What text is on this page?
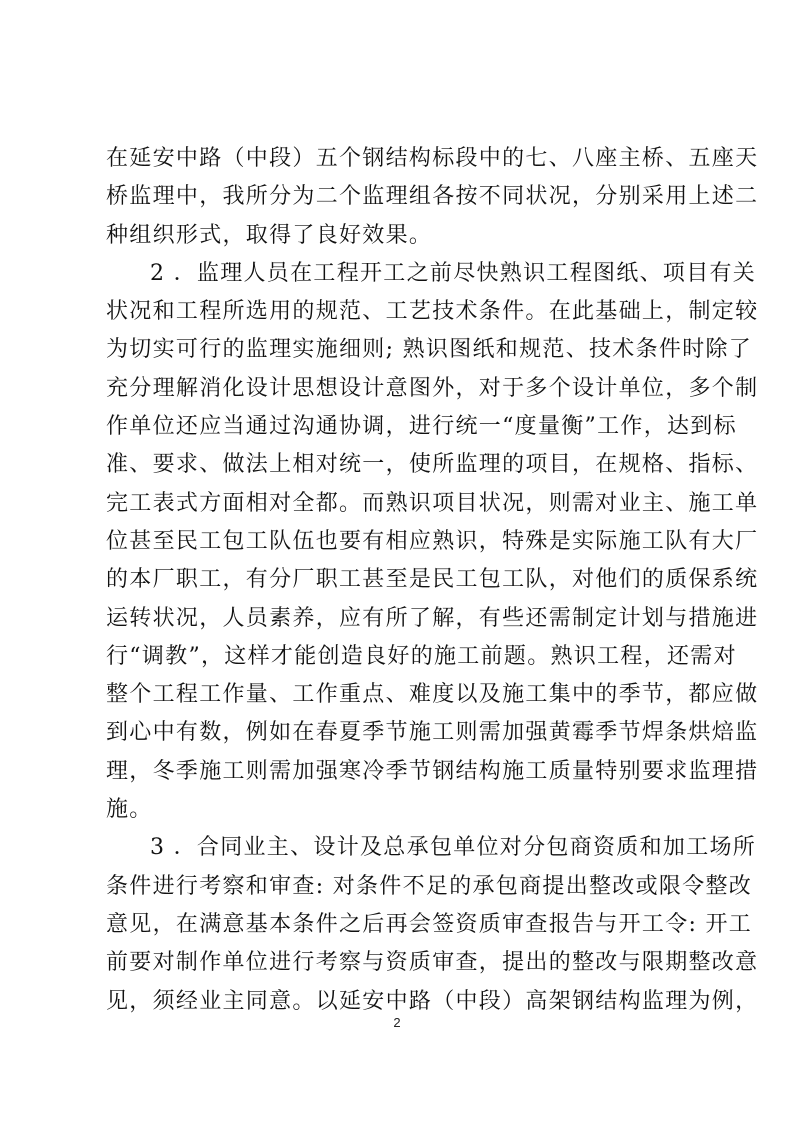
在延安中路（中段）五个钢结构标段中的七、八座主桥、五座天
桥监理中，我所分为二个监理组各按不同状况，分别采用上述二
种组织形式，取得了良好效果。
2 ．监理人员在工程开工之前尽快熟识工程图纸、项目有关
状况和工程所选用的规范、工艺技术条件。在此基础上，制定较
为切实可行的监理实施细则; 熟识图纸和规范、技术条件时除了
充分理解消化设计思想设计意图外，对于多个设计单位，多个制
作单位还应当通过沟通协调，进行统一“度量衡”工作，达到标
准、要求、做法上相对统一，使所监理的项目，在规格、指标、
完工表式方面相对全都。而熟识项目状况，则需对业主、施工单
位甚至民工包工队伍也要有相应熟识，特殊是实际施工队有大厂
的本厂职工，有分厂职工甚至是民工包工队，对他们的质保系统
运转状况，人员素养，应有所了解，有些还需制定计划与措施进
行“调教”，这样才能创造良好的施工前题。熟识工程，还需对
整个工程工作量、工作重点、难度以及施工集中的季节，都应做
到心中有数，例如在春夏季节施工则需加强黄霉季节焊条烘焙监
理，冬季施工则需加强寒冷季节钢结构施工质量特别要求监理措
施。
3 ．合同业主、设计及总承包单位对分包商资质和加工场所
条件进行考察和审查: 对条件不足的承包商提出整改或限令整改
意见，在满意基本条件之后再会签资质审查报告与开工令: 开工
前要对制作单位进行考察与资质审查，提出的整改与限期整改意
见，须经业主同意。以延安中路（中段）高架钢结构监理为例，
2
